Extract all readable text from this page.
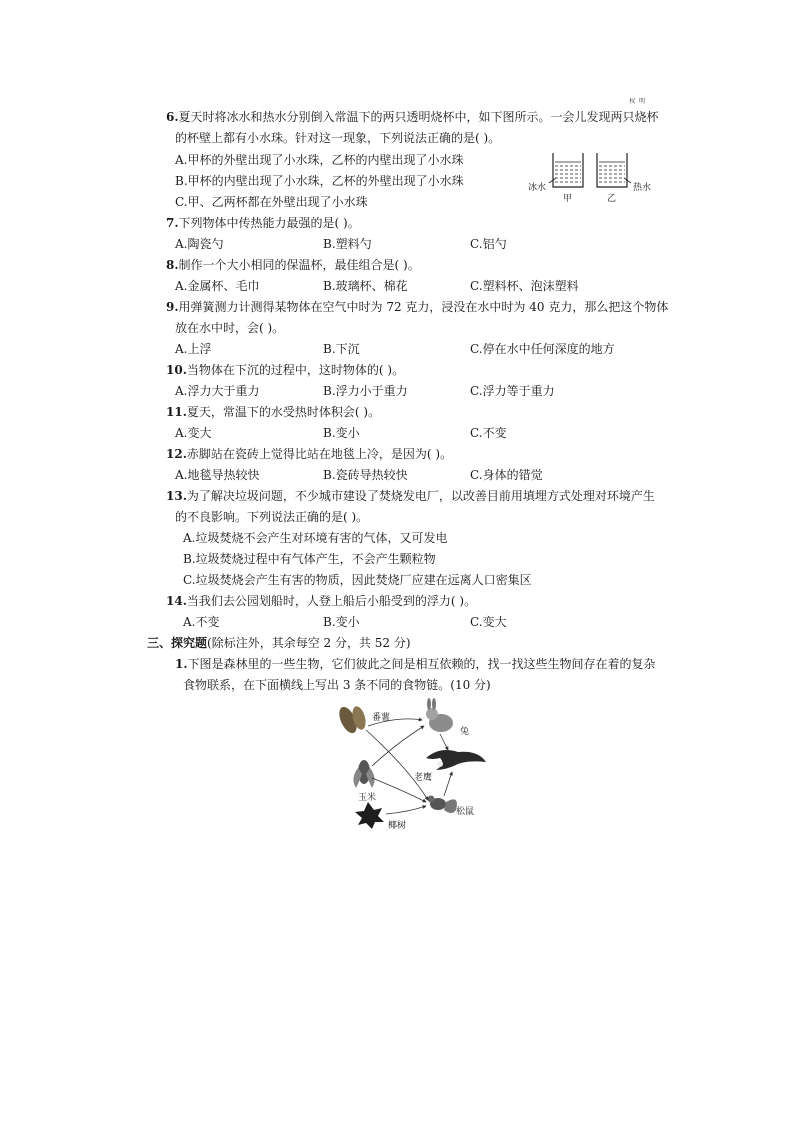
权 明
6.夏天时将冰水和热水分别倒入常温下的两只透明烧杯中，如下图所示。一会儿发现两只烧杯
的杯壁上都有小水珠。针对这一现象，下列说法正确的是( )。
A.甲杯的外壁出现了小水珠，乙杯的内壁出现了小水珠
B.甲杯的内壁出现了小水珠，乙杯的外壁出现了小水珠
C.甲、乙两杯都在外壁出现了小水珠
冰水	热水
甲	乙
7.下列物体中传热能力最强的是( )。
A.陶瓷勺	B.塑料勺	C.铝勺
8.制作一个大小相同的保温杯，最佳组合是( )。
A.金属杯、毛巾	B.玻璃杯、棉花	C.塑料杯、泡沫塑料
9.用弹簧测力计测得某物体在空气中时为 72 克力，浸没在水中时为 40 克力，那么把这个物体
放在水中时，会( )。
A.上浮	B.下沉	C.停在水中任何深度的地方
10.当物体在下沉的过程中，这时物体的( )。
A.浮力大于重力	B.浮力小于重力	C.浮力等于重力
11.夏天，常温下的水受热时体积会( )。
A.变大	B.变小	C.不变
12.赤脚站在瓷砖上觉得比站在地毯上冷，是因为( )。
A.地毯导热较快	B.瓷砖导热较快	C.身体的错觉
13.为了解决垃圾问题，不少城市建设了焚烧发电厂，以改善目前用填埋方式处理对环境产生
的不良影响。下列说法正确的是( )。
A.垃圾焚烧不会产生对环境有害的气体，又可发电
B.垃圾焚烧过程中有气体产生，不会产生颗粒物
C.垃圾焚烧会产生有害的物质，因此焚烧厂应建在远离人口密集区
14.当我们去公园划船时，人登上船后小船受到的浮力( )。
A.不变	B.变小	C.变大
三、探究题(除标注外，其余每空 2 分，共 52 分)
1.下图是森林里的一些生物，它们彼此之间是相互依赖的，找一找这些生物间存在着的复杂
食物联系，在下面横线上写出 3 条不同的食物链。(10 分)
番薯
兔
玉米
老鹰
松鼠
椰树
